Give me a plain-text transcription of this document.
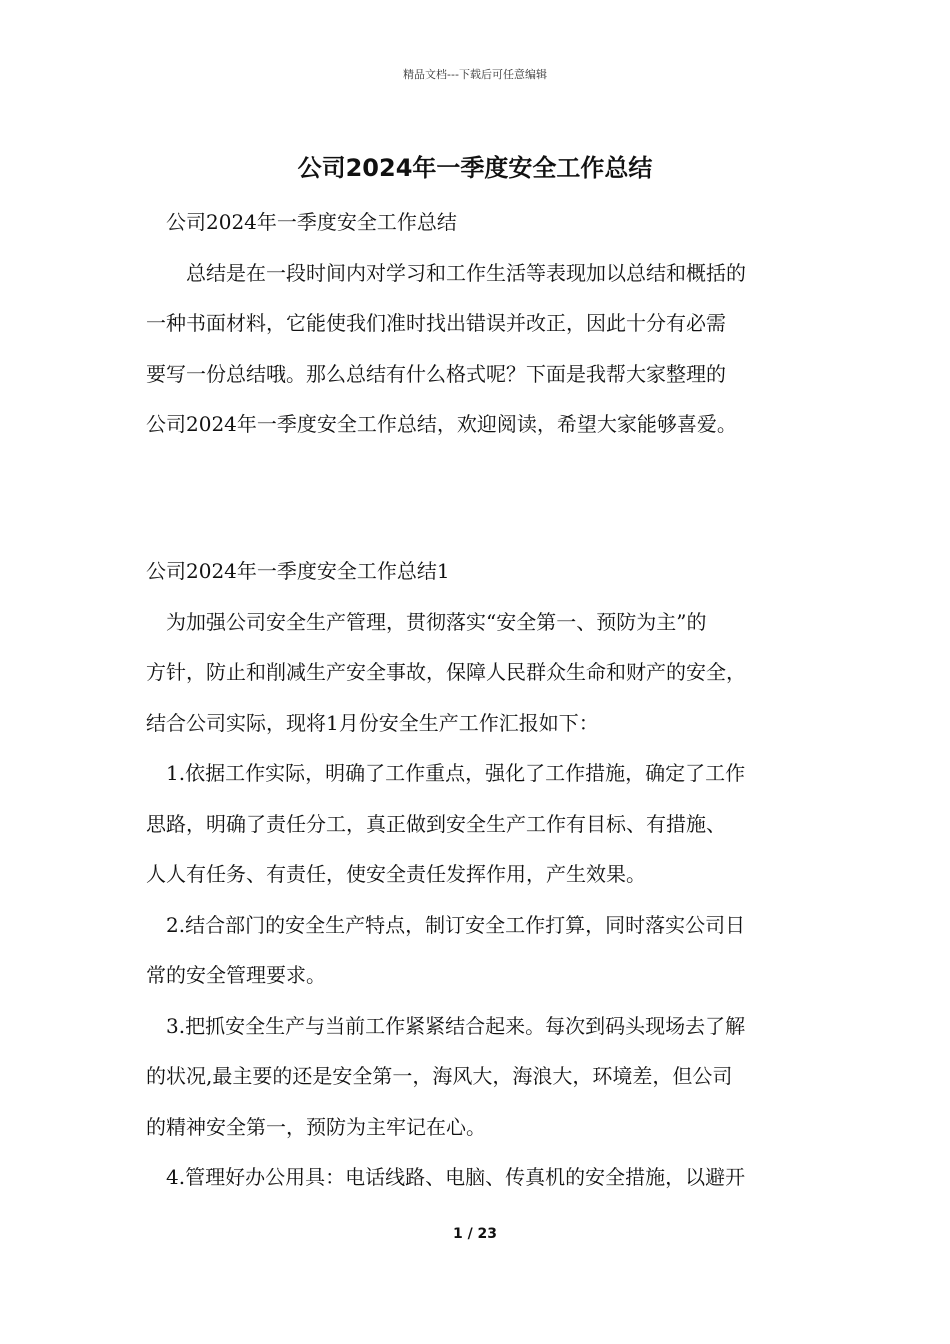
精品文档---下载后可任意编辑
公司2024年一季度安全工作总结
　公司2024年一季度安全工作总结
　　总结是在一段时间内对学习和工作生活等表现加以总结和概括的
一种书面材料，它能使我们准时找出错误并改正，因此十分有必需
要写一份总结哦。那么总结有什么格式呢？下面是我帮大家整理的
公司2024年一季度安全工作总结，欢迎阅读，希望大家能够喜爱。
公司2024年一季度安全工作总结1
　为加强公司安全生产管理，贯彻落实“安全第一、预防为主”的
方针，防止和削减生产安全事故，保障人民群众生命和财产的安全，
结合公司实际，现将1月份安全生产工作汇报如下：
　1.依据工作实际，明确了工作重点，强化了工作措施，确定了工作
思路，明确了责任分工，真正做到安全生产工作有目标、有措施、
人人有任务、有责任，使安全责任发挥作用，产生效果。
　2.结合部门的安全生产特点，制订安全工作打算，同时落实公司日
常的安全管理要求。
　3.把抓安全生产与当前工作紧紧结合起来。每次到码头现场去了解
的状况,最主要的还是安全第一，海风大，海浪大，环境差，但公司
的精神安全第一，预防为主牢记在心。
　4.管理好办公用具：电话线路、电脑、传真机的安全措施，以避开
1 / 23
